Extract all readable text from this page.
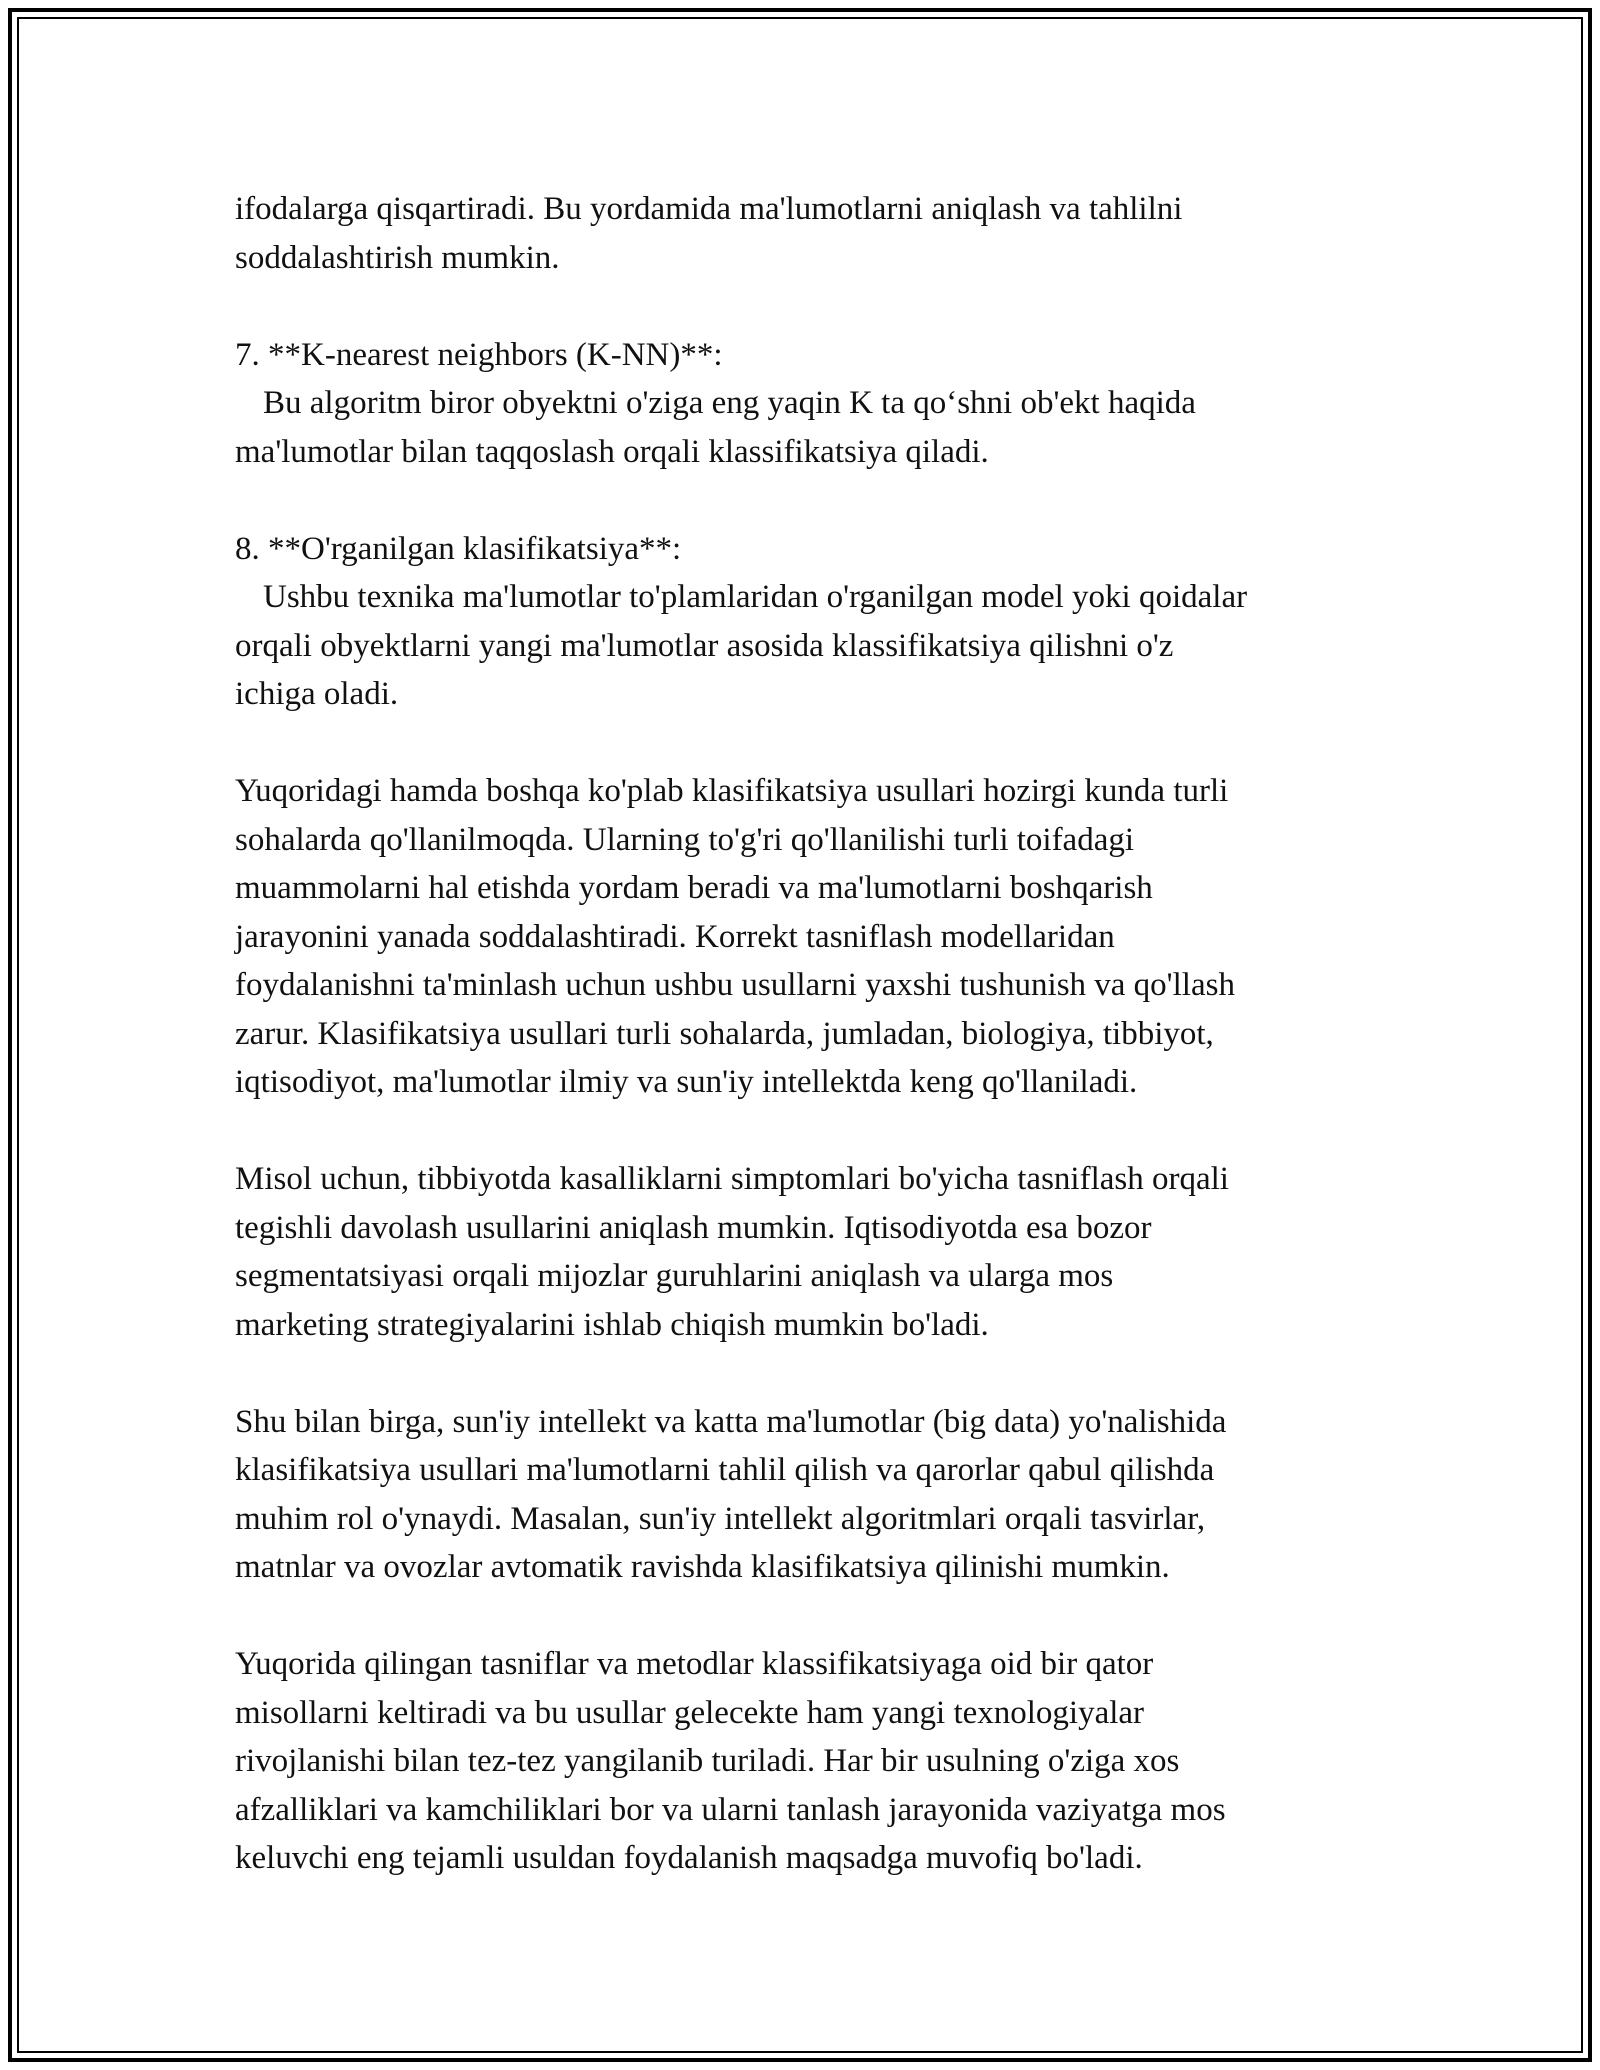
ifodalarga qisqartiradi. Bu yordamida ma'lumotlarni aniqlash va tahlilni
soddalashtirish mumkin.
7. **K-nearest neighbors (K-NN)**:
Bu algoritm biror obyektni o'ziga eng yaqin K ta qo‘shni ob'ekt haqida
ma'lumotlar bilan taqqoslash orqali klassifikatsiya qiladi.
8. **O'rganilgan klasifikatsiya**:
Ushbu texnika ma'lumotlar to'plamlaridan o'rganilgan model yoki qoidalar
orqali obyektlarni yangi ma'lumotlar asosida klassifikatsiya qilishni o'z
ichiga oladi.
Yuqoridagi hamda boshqa ko'plab klasifikatsiya usullari hozirgi kunda turli
sohalarda qo'llanilmoqda. Ularning to'g'ri qo'llanilishi turli toifadagi
muammolarni hal etishda yordam beradi va ma'lumotlarni boshqarish
jarayonini yanada soddalashtiradi. Korrekt tasniflash modellaridan
foydalanishni ta'minlash uchun ushbu usullarni yaxshi tushunish va qo'llash
zarur. Klasifikatsiya usullari turli sohalarda, jumladan, biologiya, tibbiyot,
iqtisodiyot, ma'lumotlar ilmiy va sun'iy intellektda keng qo'llaniladi.
Misol uchun, tibbiyotda kasalliklarni simptomlari bo'yicha tasniflash orqali
tegishli davolash usullarini aniqlash mumkin. Iqtisodiyotda esa bozor
segmentatsiyasi orqali mijozlar guruhlarini aniqlash va ularga mos
marketing strategiyalarini ishlab chiqish mumkin bo'ladi.
Shu bilan birga, sun'iy intellekt va katta ma'lumotlar (big data) yo'nalishida
klasifikatsiya usullari ma'lumotlarni tahlil qilish va qarorlar qabul qilishda
muhim rol o'ynaydi. Masalan, sun'iy intellekt algoritmlari orqali tasvirlar,
matnlar va ovozlar avtomatik ravishda klasifikatsiya qilinishi mumkin.
Yuqorida qilingan tasniflar va metodlar klassifikatsiyaga oid bir qator
misollarni keltiradi va bu usullar gelecekte ham yangi texnologiyalar
rivojlanishi bilan tez-tez yangilanib turiladi. Har bir usulning o'ziga xos
afzalliklari va kamchiliklari bor va ularni tanlash jarayonida vaziyatga mos
keluvchi eng tejamli usuldan foydalanish maqsadga muvofiq bo'ladi.
